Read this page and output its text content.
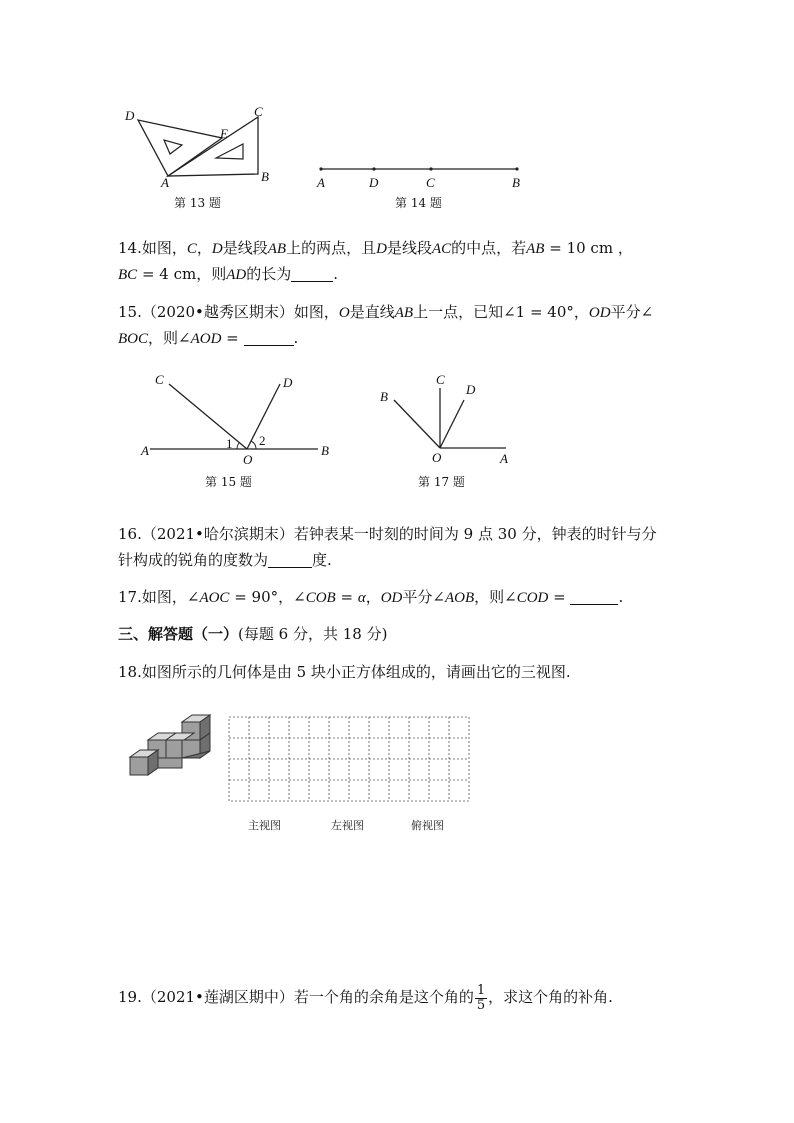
D
E
C
A	B
第 13 题
A	D	C	B
第 14 题
14.如图，C，D是线段AB上的两点，且D是线段AC的中点，若AB = 10 cm ，
BC = 4 cm，则AD的长为	.
15.（2020•越秀区期末）如图，O是直线AB上一点，已知∠1 = 40°，OD平分∠
BOC，则∠AOD =	.
C	D
A	B
O
1 2
第 15 题
C
D
B
O	A
第 17 题
16.（2021•哈尔滨期末）若钟表某一时刻的时间为 9 点 30 分，钟表的时针与分
针构成的锐角的度数为	度.
17.如图，∠AOC = 90°，∠COB = α，OD平分∠AOB，则∠COD =	.
三、解答题（一）(每题 6 分，共 18 分)
18.如图所示的几何体是由 5 块小正方体组成的，请画出它的三视图.
主视图	左视图	俯视图
19.（2021•莲湖区期中）若一个角的余角是这个角的 $\frac{1}{5}$ ，求这个角的补角.
